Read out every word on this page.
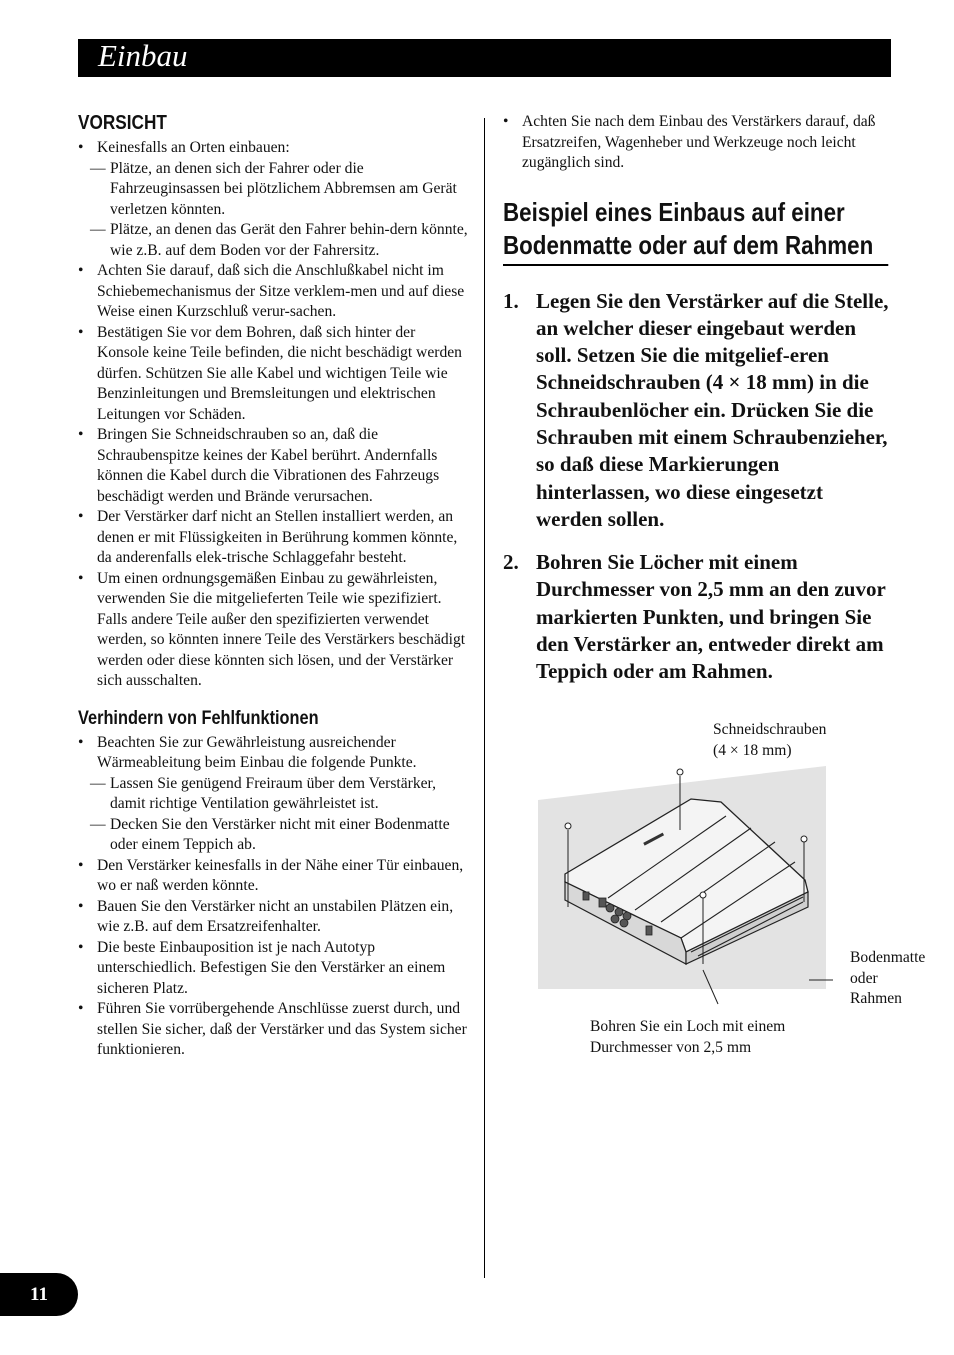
Einbau
VORSICHT
• Keinesfalls an Orten einbauen:
— Plätze, an denen sich der Fahrer oder die Fahrzeuginsassen bei plötzlichem Abbremsen am Gerät verletzen könnten.
— Plätze, an denen das Gerät den Fahrer behin-dern könnte, wie z.B. auf dem Boden vor der Fahrersitz.
• Achten Sie darauf, daß sich die Anschlußkabel nicht im Schiebemechanismus der Sitze verklem-men und auf diese Weise einen Kurzschluß verur-sachen.
• Bestätigen Sie vor dem Bohren, daß sich hinter der Konsole keine Teile befinden, die nicht beschädigt werden dürfen. Schützen Sie alle Kabel und wichtigen Teile wie Benzinleitungen und Bremsleitungen und elektrischen Leitungen vor Schäden.
• Bringen Sie Schneidschrauben so an, daß die Schraubenspitze keines der Kabel berührt. Andernfalls können die Kabel durch die Vibrationen des Fahrzeugs beschädigt werden und Brände verursachen.
• Der Verstärker darf nicht an Stellen installiert werden, an denen er mit Flüssigkeiten in Berührung kommen könnte, da anderenfalls elek-trische Schlaggefahr besteht.
• Um einen ordnungsgemäßen Einbau zu gewährleisten, verwenden Sie die mitgelieferten Teile wie spezifiziert. Falls andere Teile außer den spezifizierten verwendet werden, so könnten innere Teile des Verstärkers beschädigt werden oder diese könnten sich lösen, und der Verstärker sich ausschalten.
Verhindern von Fehlfunktionen
• Beachten Sie zur Gewährleistung ausreichender Wärmeableitung beim Einbau die folgende Punkte.
— Lassen Sie genügend Freiraum über dem Verstärker, damit richtige Ventilation gewährleistet ist.
— Decken Sie den Verstärker nicht mit einer Bodenmatte oder einem Teppich ab.
• Den Verstärker keinesfalls in der Nähe einer Tür einbauen, wo er naß werden könnte.
• Bauen Sie den Verstärker nicht an unstabilen Plätzen ein, wie z.B. auf dem Ersatzreifenhalter.
• Die beste Einbauposition ist je nach Autotyp unterschiedlich. Befestigen Sie den Verstärker an einem sicheren Platz.
• Führen Sie vorrübergehende Anschlüsse zuerst durch, und stellen Sie sicher, daß der Verstärker und das System sicher funktionieren.
• Achten Sie nach dem Einbau des Verstärkers darauf, daß Ersatzreifen, Wagenheber und Werkzeuge noch leicht zugänglich sind.
Beispiel eines Einbaus auf einer Bodenmatte oder auf dem Rahmen
1. Legen Sie den Verstärker auf die Stelle, an welcher dieser eingebaut werden soll. Setzen Sie die mitgelief-eren Schneidschrauben (4 × 18 mm) in die Schraubenlöcher ein. Drücken Sie die Schrauben mit einem Schraubenzieher, so daß diese Markierungen hinterlassen, wo diese eingesetzt werden sollen.
2. Bohren Sie Löcher mit einem Durchmesser von 2,5 mm an den zuvor markierten Punkten, und bringen Sie den Verstärker an, entweder direkt am Teppich oder am Rahmen.
Schneidschrauben
(4 × 18 mm)
Bodenmatte
oder
Rahmen
Bohren Sie ein Loch mit einem
Durchmesser von 2,5 mm
11
